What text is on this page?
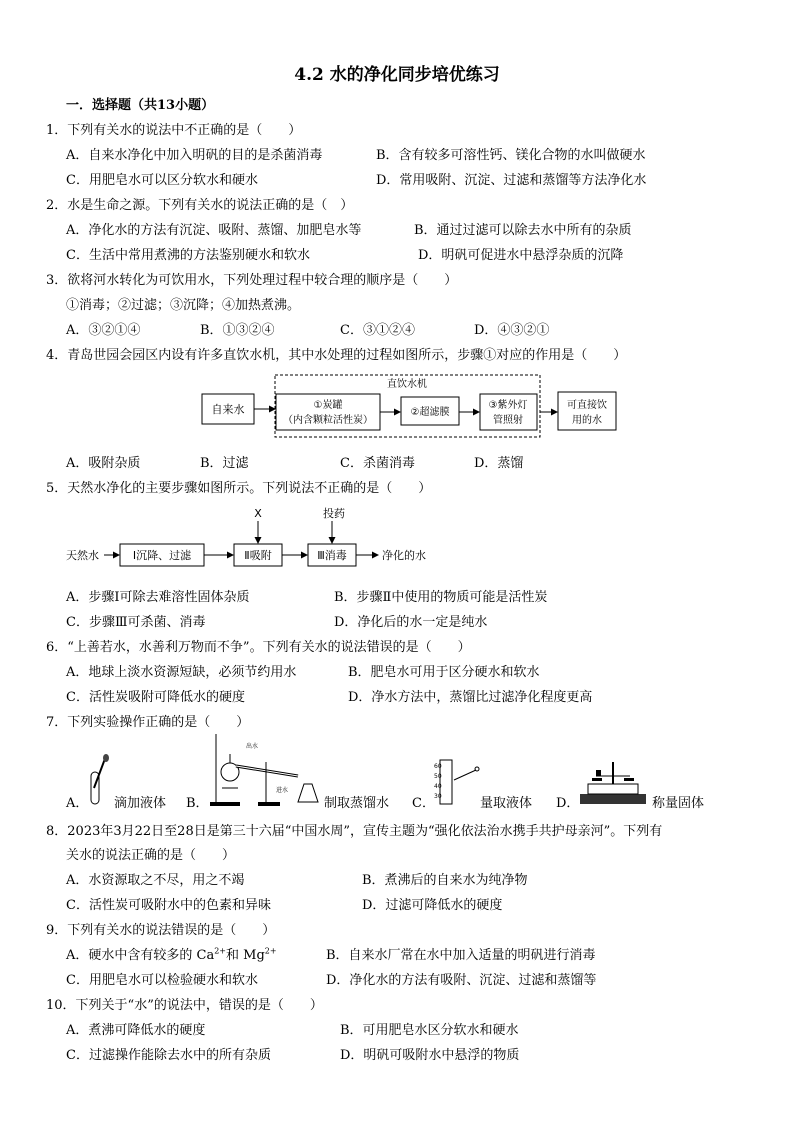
4.2 水的净化同步培优练习
一．选择题（共13小题）
1．下列有关水的说法中不正确的是（　　）
A．自来水净化中加入明矾的目的是杀菌消毒	B．含有较多可溶性钙、镁化合物的水叫做硬水
C．用肥皂水可以区分软水和硬水	D．常用吸附、沉淀、过滤和蒸馏等方法净化水
2．水是生命之源。下列有关水的说法正确的是（　）
A．净化水的方法有沉淀、吸附、蒸馏、加肥皂水等	B．通过过滤可以除去水中所有的杂质
C．生活中常用煮沸的方法鉴别硬水和软水	D．明矾可促进水中悬浮杂质的沉降
3．欲将河水转化为可饮用水，下列处理过程中较合理的顺序是（　　）
①消毒；②过滤；③沉降；④加热煮沸。
A．③②①④	B．①③②④	C．③①②④	D．④③②①
4．青岛世园会园区内设有许多直饮水机，其中水处理的过程如图所示，步骤①对应的作用是（　　）
直饮水机
自来水	①炭罐
（内含颗粒活性炭）
②超滤膜
③紫外灯
管照射
可直接饮
用的水
A．吸附杂质	B．过滤	C．杀菌消毒	D．蒸馏
5．天然水净化的主要步骤如图所示。下列说法不正确的是（　　）
天然水	Ⅰ沉降、过滤	Ⅱ吸附
X
Ⅲ消毒
投药
净化的水
A．步骤Ⅰ可除去难溶性固体杂质	B．步骤Ⅱ中使用的物质可能是活性炭
C．步骤Ⅲ可杀菌、消毒	D．净化后的水一定是纯水
6．“上善若水，水善利万物而不争”。下列有关水的说法错误的是（　　）
A．地球上淡水资源短缺，必须节约用水	B．肥皂水可用于区分硬水和软水
C．活性炭吸附可降低水的硬度	D．净水方法中，蒸馏比过滤净化程度更高
7．下列实验操作正确的是（　　）
A． 滴加液体 B．
出水
进水
制取蒸馏水 C．
60
50
40
30	量取液体 D．	称量固体
8．2023年3月22日至28日是第三十六届“中国水周”，宣传主题为“强化依法治水携手共护母亲河”。下列有
关水的说法正确的是（　　）
A．水资源取之不尽，用之不竭	B．煮沸后的自来水为纯净物
C．活性炭可吸附水中的色素和异味	D．过滤可降低水的硬度
9．下列有关水的说法错误的是（　　）
A．硬水中含有较多的 $Ca^{2+}$和 $Mg^{2+}$	B．自来水厂常在水中加入适量的明矾进行消毒
C．用肥皂水可以检验硬水和软水	D．净化水的方法有吸附、沉淀、过滤和蒸馏等
10．下列关于“水”的说法中，错误的是（　　）
A．煮沸可降低水的硬度	B．可用肥皂水区分软水和硬水
C．过滤操作能除去水中的所有杂质	D．明矾可吸附水中悬浮的物质
